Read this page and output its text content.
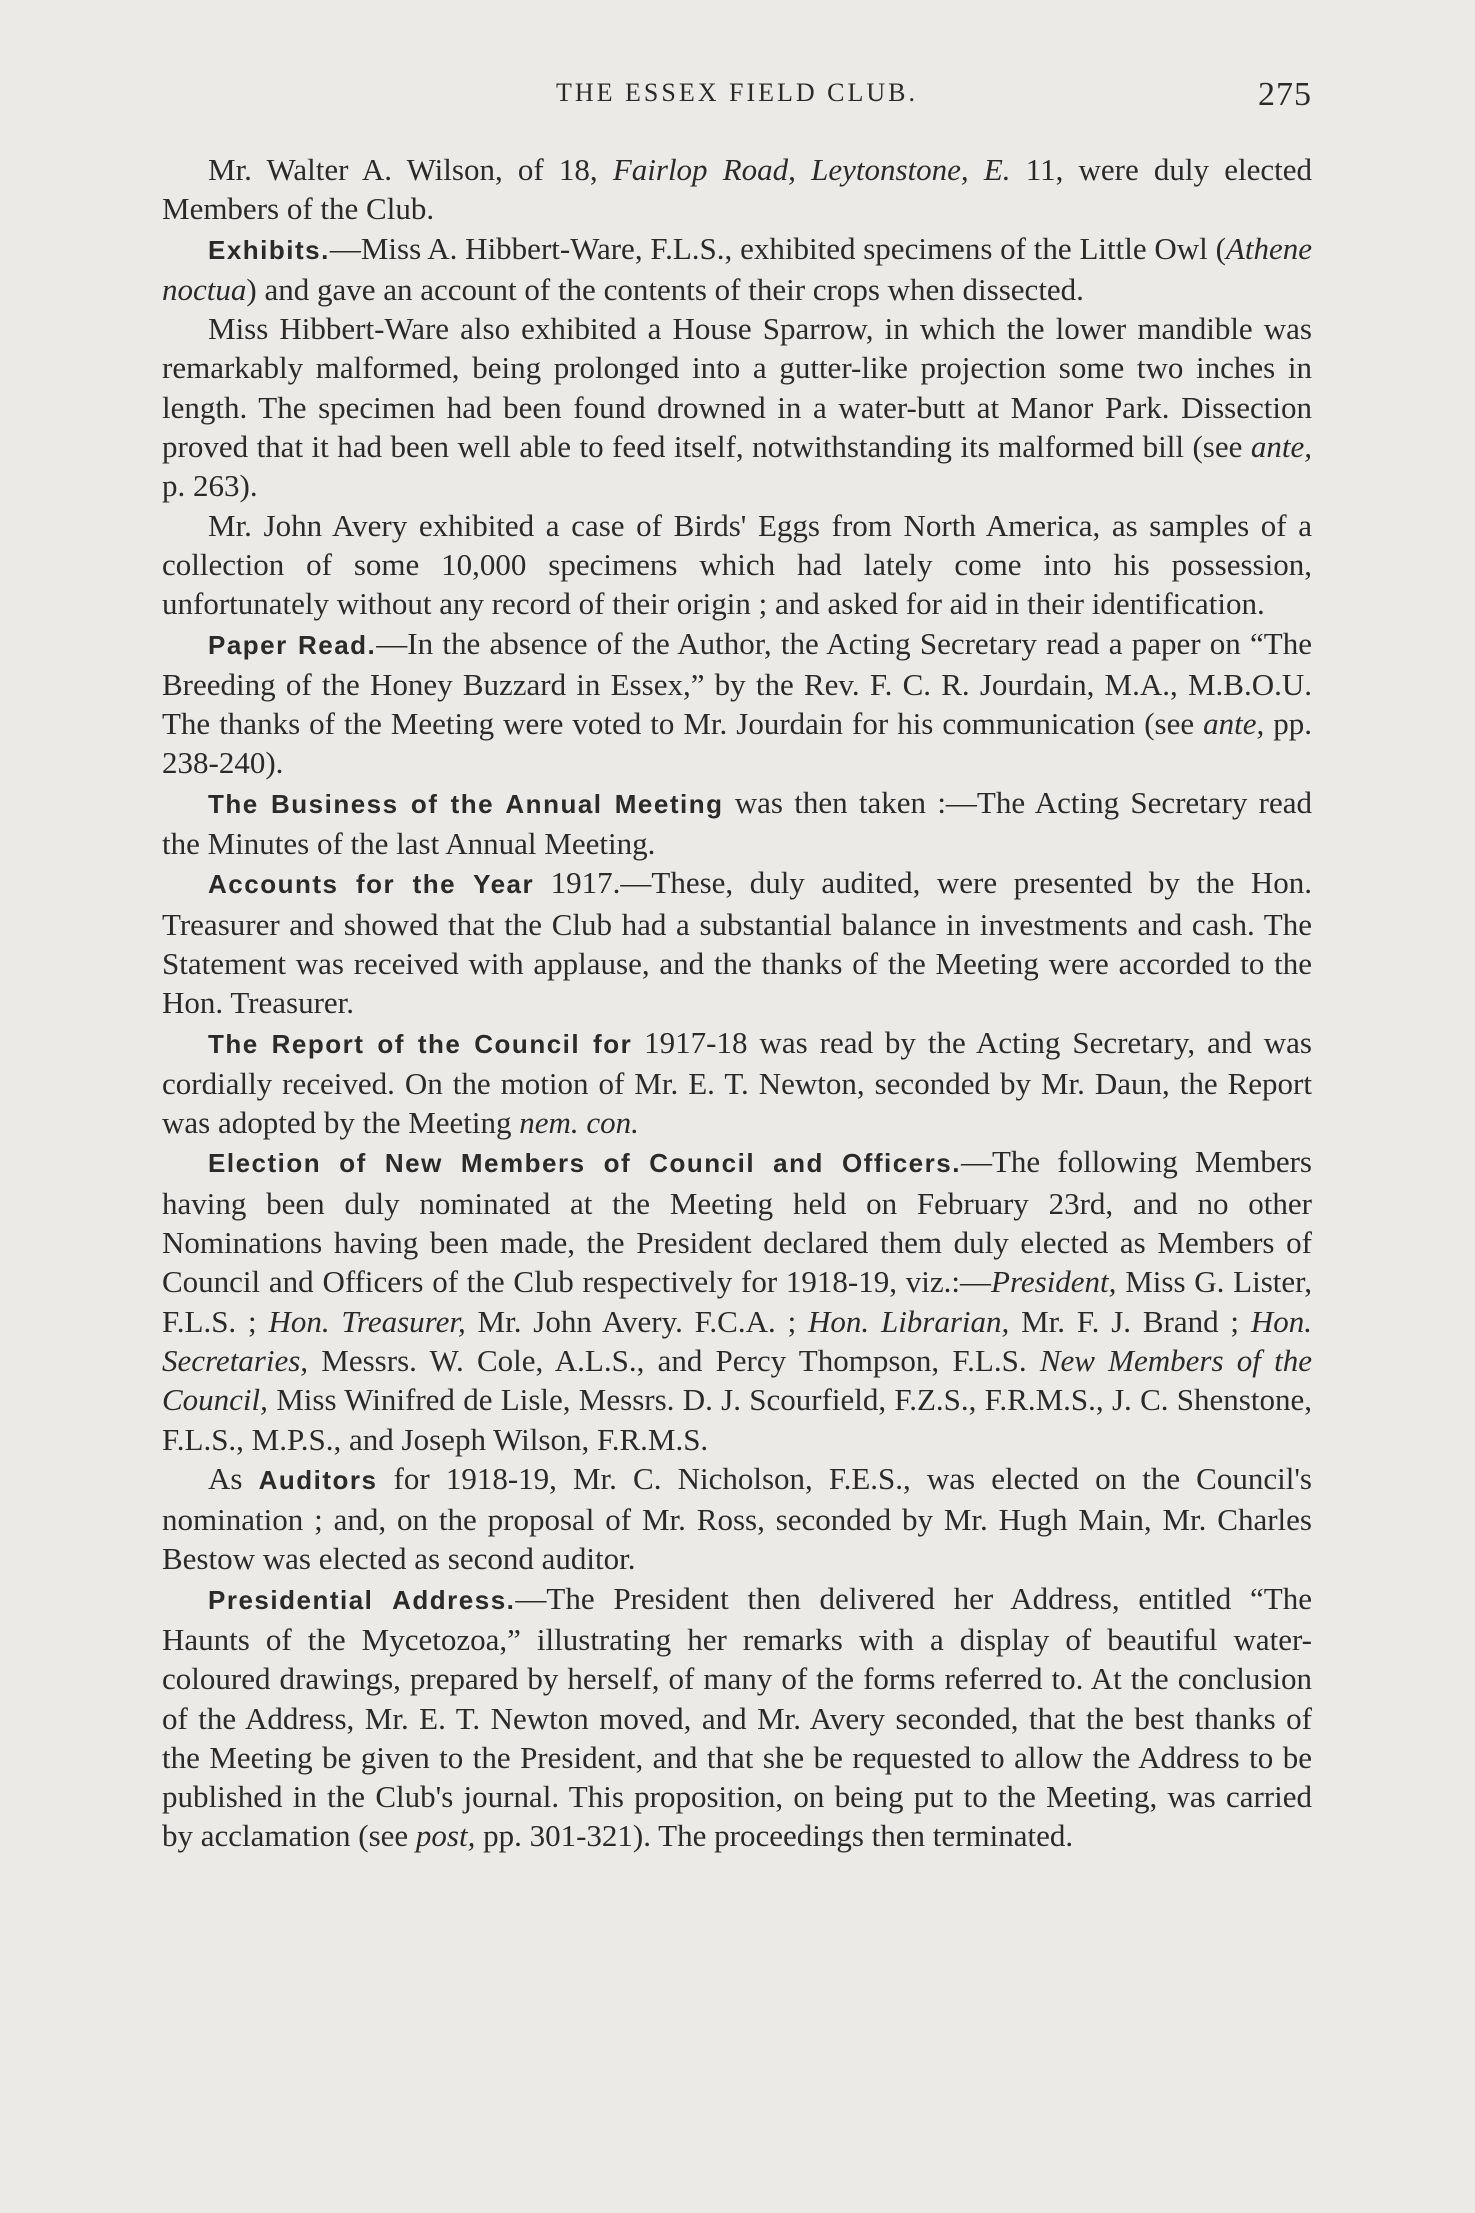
THE ESSEX FIELD CLUB.	275

Mr. Walter A. Wilson, of 18, Fairlop Road, Leytonstone, E. 11, were duly elected Members of the Club.

Exhibits.—Miss A. Hibbert-Ware, F.L.S., exhibited specimens of the Little Owl (Athene noctua) and gave an account of the contents of their crops when dissected.

Miss Hibbert-Ware also exhibited a House Sparrow, in which the lower mandible was remarkably malformed, being prolonged into a gutter-like projection some two inches in length. The specimen had been found drowned in a water-butt at Manor Park. Dissection proved that it had been well able to feed itself, notwithstanding its malformed bill (see ante, p. 263).

Mr. John Avery exhibited a case of Birds' Eggs from North America, as samples of a collection of some 10,000 specimens which had lately come into his possession, unfortunately without any record of their origin ; and asked for aid in their identification.

Paper Read.—In the absence of the Author, the Acting Secretary read a paper on “The Breeding of the Honey Buzzard in Essex,” by the Rev. F. C. R. Jourdain, M.A., M.B.O.U. The thanks of the Meeting were voted to Mr. Jourdain for his communication (see ante, pp. 238-240).

The Business of the Annual Meeting was then taken :—The Acting Secretary read the Minutes of the last Annual Meeting.

Accounts for the Year 1917.—These, duly audited, were presented by the Hon. Treasurer and showed that the Club had a substantial balance in investments and cash. The Statement was received with applause, and the thanks of the Meeting were accorded to the Hon. Treasurer.

The Report of the Council for 1917-18 was read by the Acting Secretary, and was cordially received. On the motion of Mr. E. T. Newton, seconded by Mr. Daun, the Report was adopted by the Meeting nem. con.

Election of New Members of Council and Officers.—The following Members having been duly nominated at the Meeting held on February 23rd, and no other Nominations having been made, the President declared them duly elected as Members of Council and Officers of the Club respectively for 1918-19, viz.:—President, Miss G. Lister, F.L.S. ; Hon. Treasurer, Mr. John Avery. F.C.A. ; Hon. Librarian, Mr. F. J. Brand ; Hon. Secretaries, Messrs. W. Cole, A.L.S., and Percy Thompson, F.L.S. New Members of the Council, Miss Winifred de Lisle, Messrs. D. J. Scourfield, F.Z.S., F.R.M.S., J. C. Shenstone, F.L.S., M.P.S., and Joseph Wilson, F.R.M.S.

As Auditors for 1918-19, Mr. C. Nicholson, F.E.S., was elected on the Council's nomination ; and, on the proposal of Mr. Ross, seconded by Mr. Hugh Main, Mr. Charles Bestow was elected as second auditor.

Presidential Address.—The President then delivered her Address, entitled “The Haunts of the Mycetozoa,” illustrating her remarks with a display of beautiful water-coloured drawings, prepared by herself, of many of the forms referred to. At the conclusion of the Address, Mr. E. T. Newton moved, and Mr. Avery seconded, that the best thanks of the Meeting be given to the President, and that she be requested to allow the Address to be published in the Club's journal. This proposition, on being put to the Meeting, was carried by acclamation (see post, pp. 301-321). The proceedings then terminated.
